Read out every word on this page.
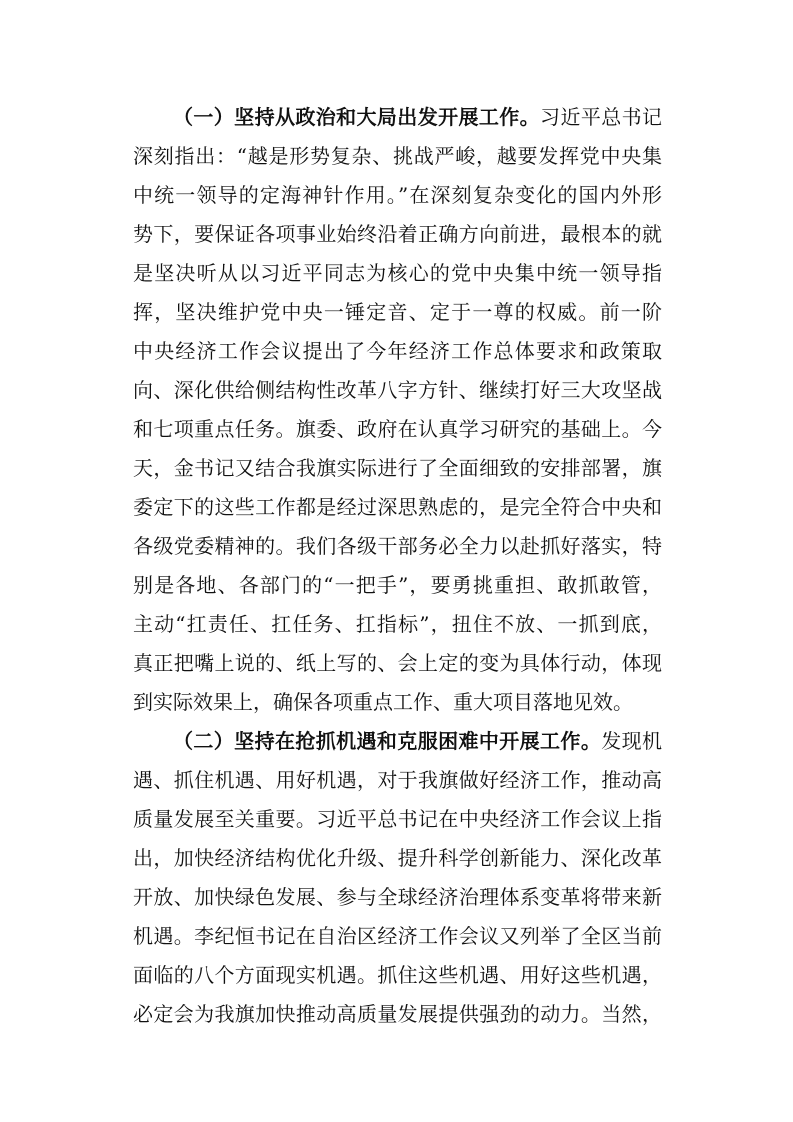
（一）坚持从政治和大局出发开展工作。习近平总书记
深刻指出：“越是形势复杂、挑战严峻，越要发挥党中央集
中统一领导的定海神针作用。”在深刻复杂变化的国内外形
势下，要保证各项事业始终沿着正确方向前进，最根本的就
是坚决听从以习近平同志为核心的党中央集中统一领导指
挥，坚决维护党中央一锤定音、定于一尊的权威。前一阶
中央经济工作会议提出了今年经济工作总体要求和政策取
向、深化供给侧结构性改革八字方针、继续打好三大攻坚战
和七项重点任务。旗委、政府在认真学习研究的基础上。今
天，金书记又结合我旗实际进行了全面细致的安排部署，旗
委定下的这些工作都是经过深思熟虑的，是完全符合中央和
各级党委精神的。我们各级干部务必全力以赴抓好落实，特
别是各地、各部门的“一把手”，要勇挑重担、敢抓敢管，
主动“扛责任、扛任务、扛指标”，扭住不放、一抓到底，
真正把嘴上说的、纸上写的、会上定的变为具体行动，体现
到实际效果上，确保各项重点工作、重大项目落地见效。
（二）坚持在抢抓机遇和克服困难中开展工作。发现机
遇、抓住机遇、用好机遇，对于我旗做好经济工作，推动高
质量发展至关重要。习近平总书记在中央经济工作会议上指
出，加快经济结构优化升级、提升科学创新能力、深化改革
开放、加快绿色发展、参与全球经济治理体系变革将带来新
机遇。李纪恒书记在自治区经济工作会议又列举了全区当前
面临的八个方面现实机遇。抓住这些机遇、用好这些机遇，
必定会为我旗加快推动高质量发展提供强劲的动力。当然，
